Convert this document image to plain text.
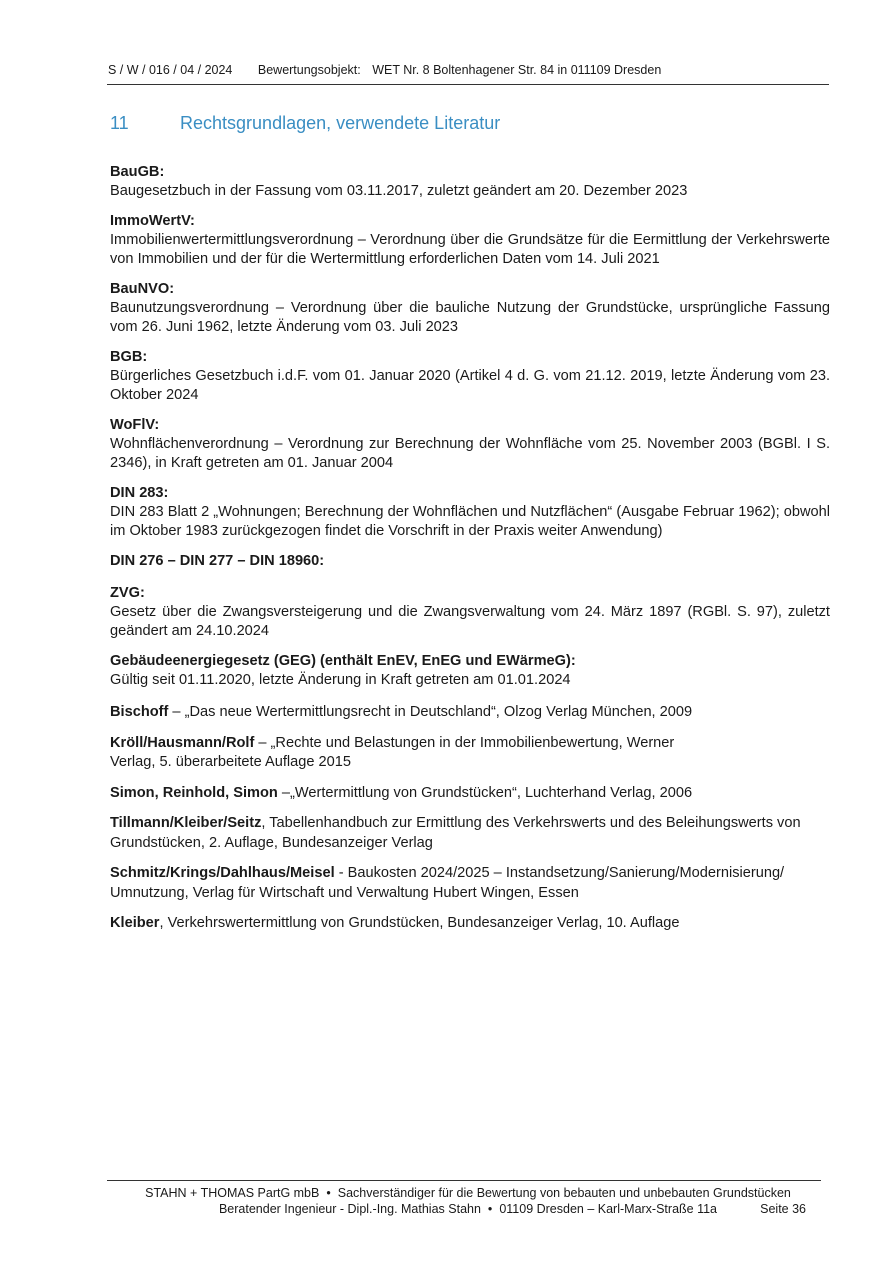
S / W / 016 / 04 / 2024 Bewertungsobjekt: WET Nr. 8 Boltenhagener Str. 84 in 011109 Dresden
11	Rechtsgrundlagen, verwendete Literatur
BauGB:
Baugesetzbuch in der Fassung vom 03.11.2017, zuletzt geändert am 20. Dezember 2023
ImmoWertV:
Immobilienwertermittlungsverordnung – Verordnung über die Grundsätze für die Eermittlung der Verkehrswerte von Immobilien und der für die Wertermittlung erforderlichen Daten vom 14. Juli 2021
BauNVO:
Baunutzungsverordnung – Verordnung über die bauliche Nutzung der Grundstücke, ursprüngliche Fassung vom 26. Juni 1962, letzte Änderung vom 03. Juli 2023
BGB:
Bürgerliches Gesetzbuch i.d.F. vom 01. Januar 2020 (Artikel 4 d. G. vom 21.12. 2019, letzte Änderung vom 23. Oktober 2024
WoFlV:
Wohnflächenverordnung – Verordnung zur Berechnung der Wohnfläche vom 25. November 2003 (BGBl. I S. 2346), in Kraft getreten am 01. Januar 2004
DIN 283:
DIN 283 Blatt 2 „Wohnungen; Berechnung der Wohnflächen und Nutzflächen“ (Ausgabe Februar 1962); obwohl im Oktober 1983 zurückgezogen findet die Vorschrift in der Praxis weiter Anwendung)
DIN 276 – DIN 277 – DIN 18960:
ZVG:
Gesetz über die Zwangsversteigerung und die Zwangsverwaltung vom 24. März 1897 (RGBl. S. 97), zuletzt geändert am 24.10.2024
Gebäudeenergiegesetz (GEG) (enthält EnEV, EnEG und EWärmeG):
Gültig seit 01.11.2020, letzte Änderung in Kraft getreten am 01.01.2024
Bischoff – „Das neue Wertermittlungsrecht in Deutschland“, Olzog Verlag München, 2009
Kröll/Hausmann/Rolf – „Rechte und Belastungen in der Immobilienbewertung, Werner Verlag, 5. überarbeitete Auflage 2015
Simon, Reinhold, Simon –„Wertermittlung von Grundstücken“, Luchterhand Verlag, 2006
Tillmann/Kleiber/Seitz, Tabellenhandbuch zur Ermittlung des Verkehrswerts und des Beleihungswerts von Grundstücken, 2. Auflage, Bundesanzeiger Verlag
Schmitz/Krings/Dahlhaus/Meisel - Baukosten 2024/2025 – Instandsetzung/Sanierung/Modernisierung/ Umnutzung, Verlag für Wirtschaft und Verwaltung Hubert Wingen, Essen
Kleiber, Verkehrswertermittlung von Grundstücken, Bundesanzeiger Verlag, 10. Auflage
STAHN + THOMAS PartG mbB • Sachverständiger für die Bewertung von bebauten und unbebauten Grundstücken
Beratender Ingenieur - Dipl.-Ing. Mathias Stahn • 01109 Dresden – Karl-Marx-Straße 11a	Seite 36
